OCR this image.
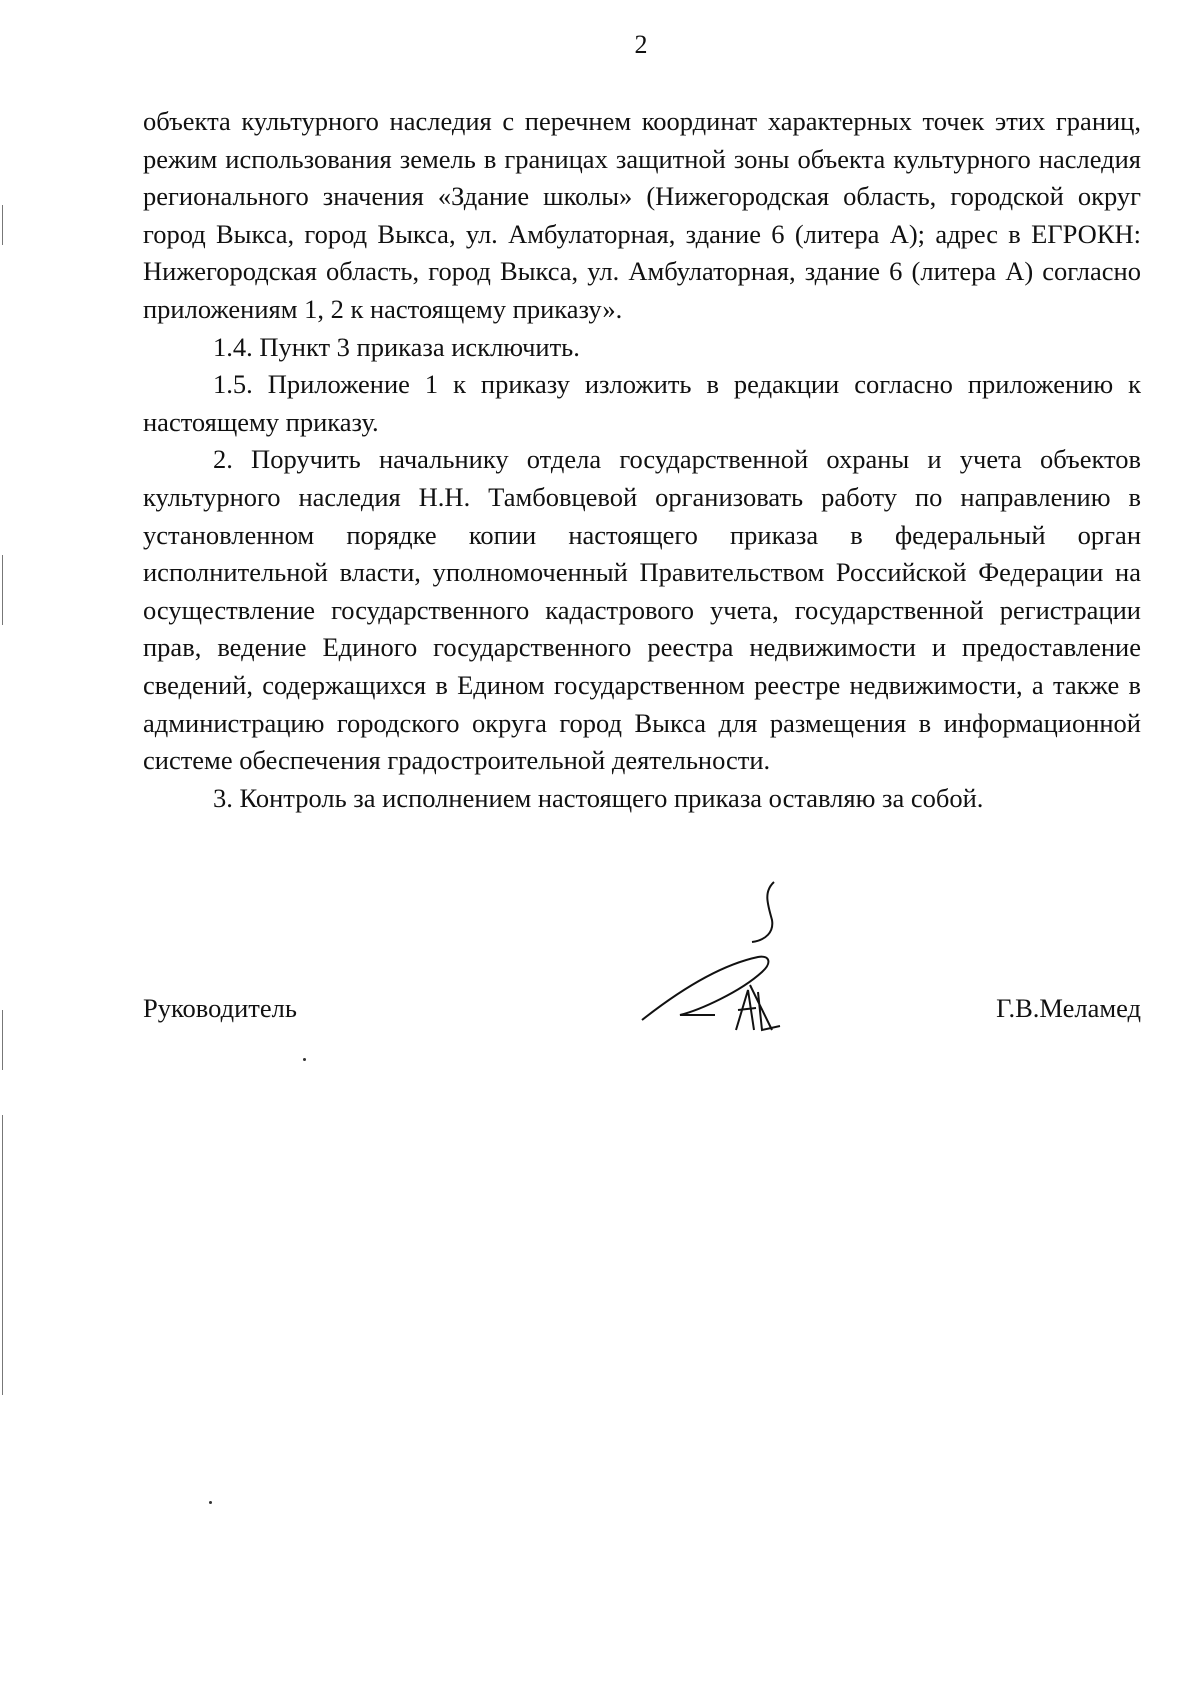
2

объекта культурного наследия с перечнем координат характерных точек этих границ, режим использования земель в границах защитной зоны объекта культурного наследия регионального значения «Здание школы» (Нижегородская область, городской округ город Выкса, город Выкса, ул. Амбулаторная, здание 6 (литера А); адрес в ЕГРОКН: Нижегородская область, город Выкса, ул. Амбулаторная, здание 6 (литера А) согласно приложениям 1, 2 к настоящему приказу».

1.4. Пункт 3 приказа исключить.

1.5. Приложение 1 к приказу изложить в редакции согласно приложению к настоящему приказу.

2. Поручить начальнику отдела государственной охраны и учета объектов культурного наследия Н.Н. Тамбовцевой организовать работу по направлению в установленном порядке копии настоящего приказа в федеральный орган исполнительной власти, уполномоченный Правительством Российской Федерации на осуществление государственного кадастрового учета, государственной регистрации прав, ведение Единого государственного реестра недвижимости и предоставление сведений, содержащихся в Едином государственном реестре недвижимости, а также в администрацию городского округа город Выкса для размещения в информационной системе обеспечения градостроительной деятельности.

3. Контроль за исполнением настоящего приказа оставляю за собой.

Руководитель	Г.В.Меламед
